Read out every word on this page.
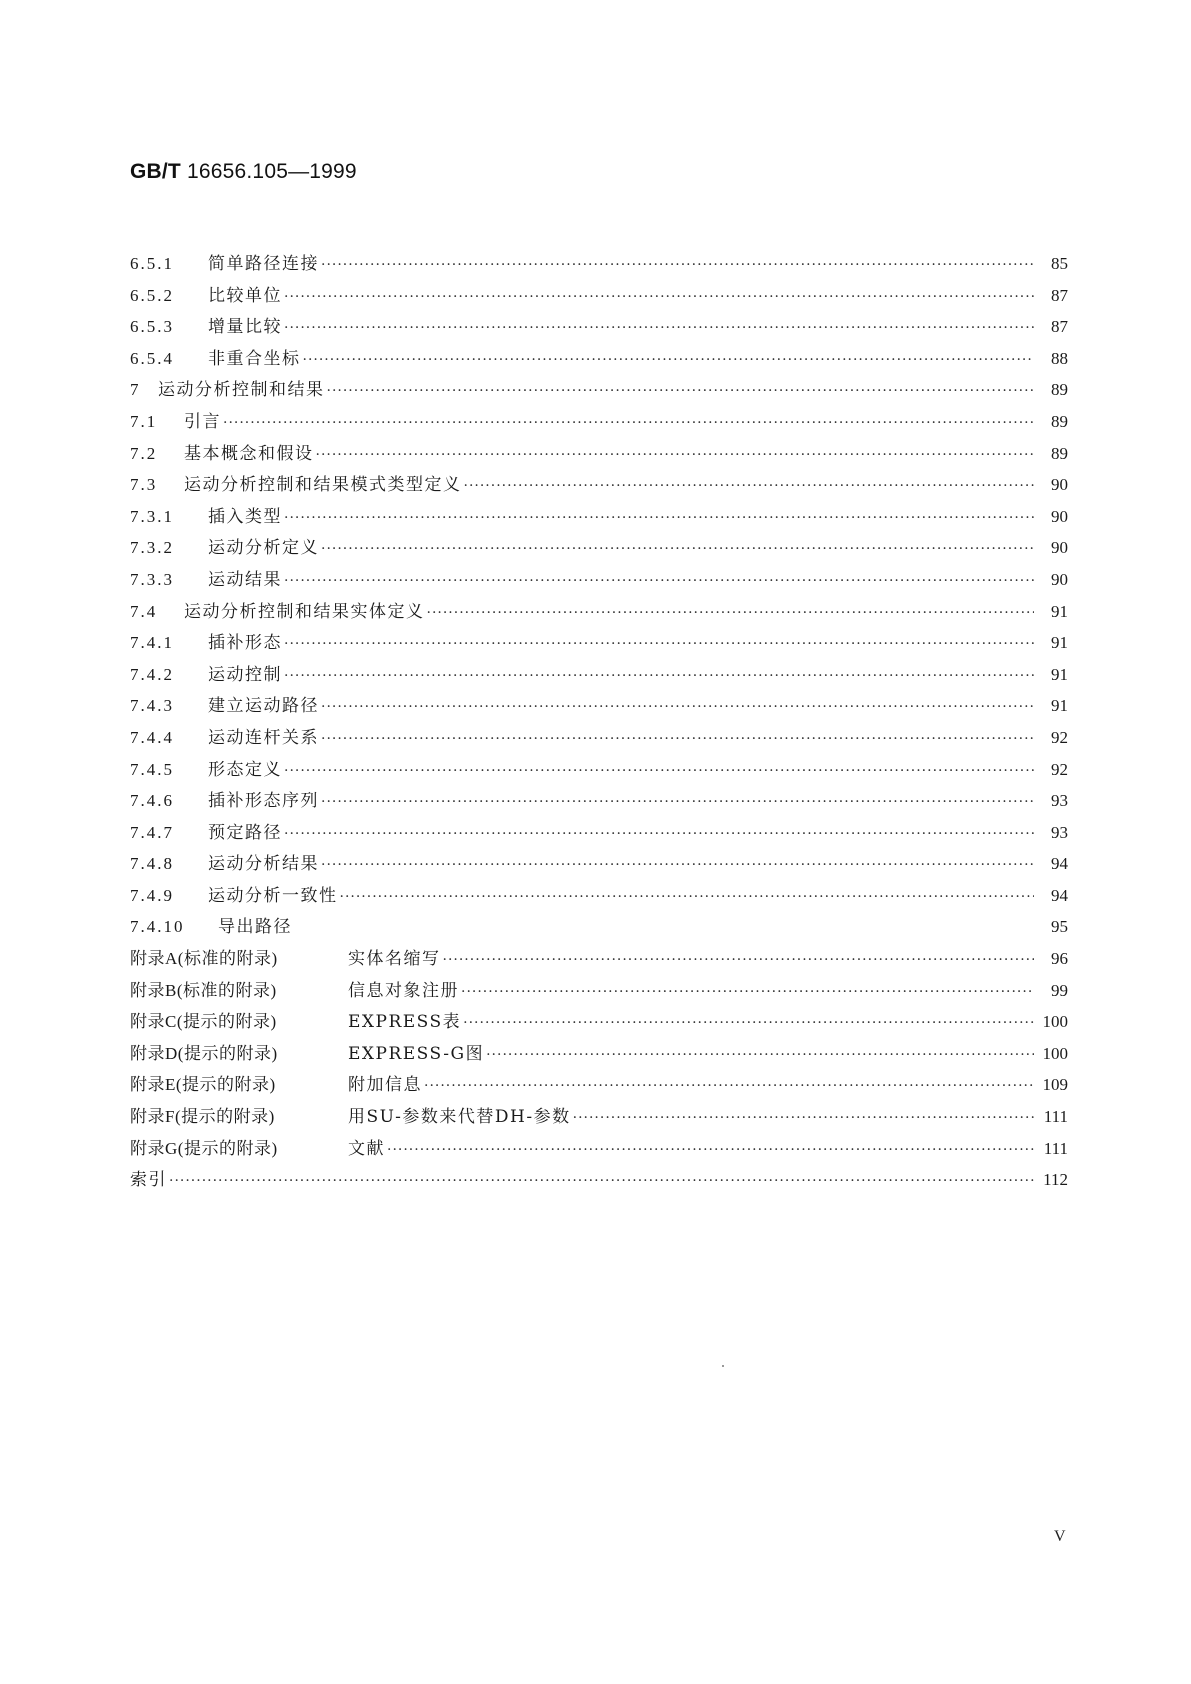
GB/T 16656.105—1999
6.5.1	简单路径连接 ·····	85
6.5.2	比较单位 ·····	87
6.5.3	增量比较 ·····	87
6.5.4	非重合坐标 ·····	88
7	运动分析控制和结果 ·····	89
7.1	引言 ·····	89
7.2	基本概念和假设 ·····	89
7.3	运动分析控制和结果模式类型定义 ·····	90
7.3.1	插入类型 ·····	90
7.3.2	运动分析定义 ·····	90
7.3.3	运动结果 ·····	90
7.4	运动分析控制和结果实体定义 ·····	91
7.4.1	插补形态 ·····	91
7.4.2	运动控制 ·····	91
7.4.3	建立运动路径 ·····	91
7.4.4	运动连杆关系 ·····	92
7.4.5	形态定义 ·····	92
7.4.6	插补形态序列 ·····	93
7.4.7	预定路径 ·····	93
7.4.8	运动分析结果 ·····	94
7.4.9	运动分析一致性 ·····	94
7.4.10	导出路径	95
附录A(标准的附录)	实体名缩写 ·····	96
附录B(标准的附录)	信息对象注册 ·····	99
附录C(提示的附录)	EXPRESS表 ·····	100
附录D(提示的附录)	EXPRESS-G图 ·····	100
附录E(提示的附录)	附加信息 ·····	109
附录F(提示的附录)	用SU-参数来代替DH-参数 ·····	111
附录G(提示的附录)	文献 ·····	111
索引 ·····	112
V
